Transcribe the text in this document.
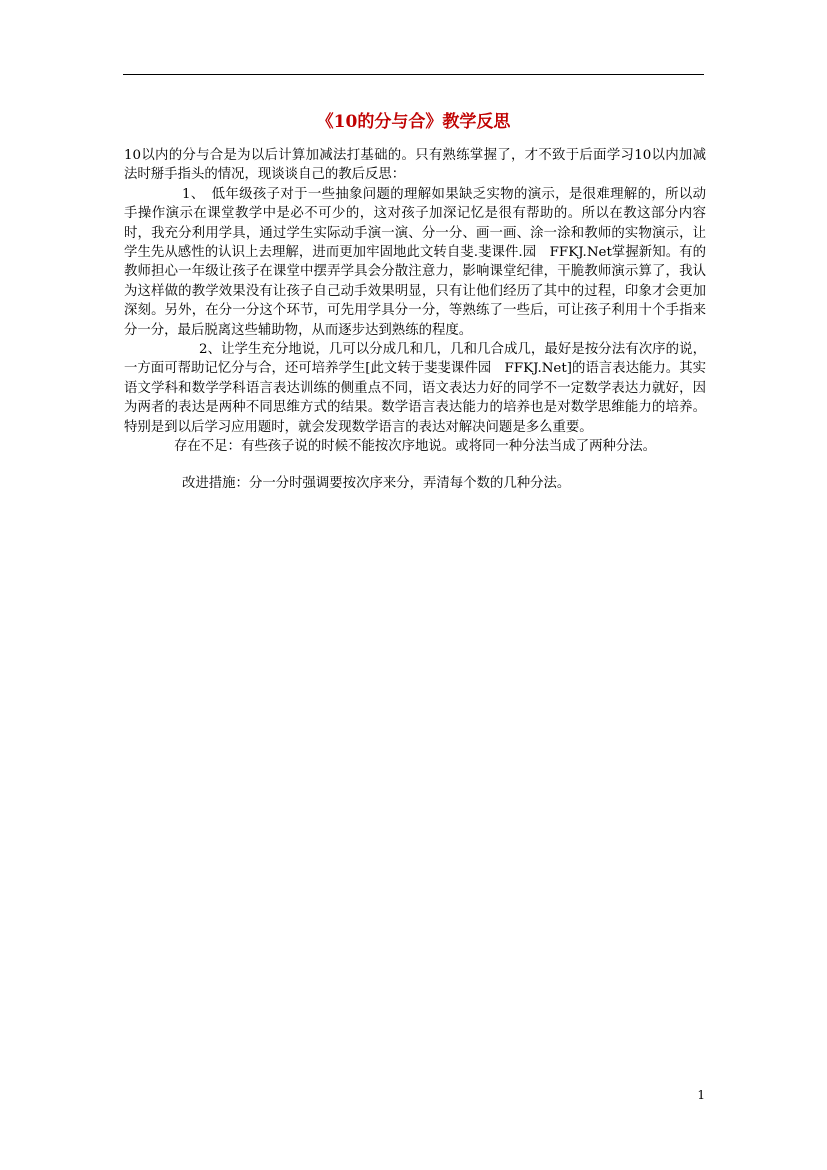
《10的分与合》教学反思

10以内的分与合是为以后计算加减法打基础的。只有熟练掌握了，才不致于后面学习10以内加减法时掰手指头的情况，现谈谈自己的教后反思：

1、　低年级孩子对于一些抽象问题的理解如果缺乏实物的演示，是很难理解的，所以动手操作演示在课堂教学中是必不可少的，这对孩子加深记忆是很有帮助的。所以在教这部分内容时，我充分利用学具，通过学生实际动手演一演、分一分、画一画、涂一涂和教师的实物演示，让学生先从感性的认识上去理解，进而更加牢固地此文转自斐.斐课件.园　FFKJ.Net掌握新知。有的教师担心一年级让孩子在课堂中摆弄学具会分散注意力，影响课堂纪律，干脆教师演示算了，我认为这样做的教学效果没有让孩子自己动手效果明显，只有让他们经历了其中的过程，印象才会更加深刻。另外，在分一分这个环节，可先用学具分一分，等熟练了一些后，可让孩子利用十个手指来分一分，最后脱离这些辅助物，从而逐步达到熟练的程度。

2、让学生充分地说，几可以分成几和几，几和几合成几，最好是按分法有次序的说，一方面可帮助记忆分与合，还可培养学生[此文转于斐斐课件园　FFKJ.Net]的语言表达能力。其实语文学科和数学学科语言表达训练的侧重点不同，语文表达力好的同学不一定数学表达力就好，因为两者的表达是两种不同思维方式的结果。数学语言表达能力的培养也是对数学思维能力的培养。特别是到以后学习应用题时，就会发现数学语言的表达对解决问题是多么重要。

存在不足：有些孩子说的时候不能按次序地说。或将同一种分法当成了两种分法。

改进措施：分一分时强调要按次序来分，弄清每个数的几种分法。

1
